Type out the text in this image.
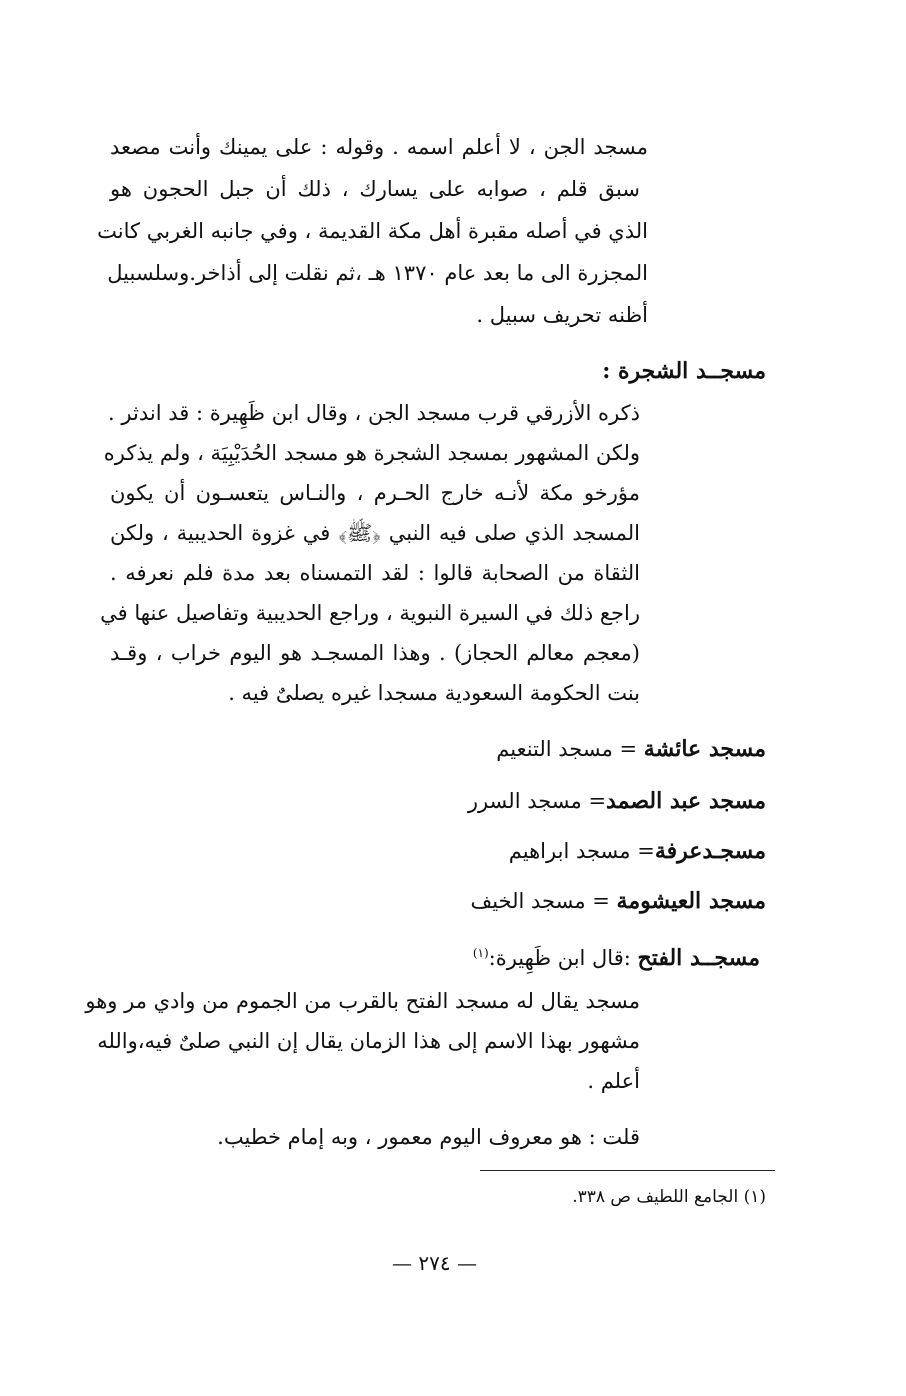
مسجد الجن ، لا أعلم اسمه . وقوله : على يمينك وأنت مصعد
سبق قلم ، صوابه على يسارك ، ذلك أن جبل الحجون هو
الذي في أصله مقبرة أهل مكة القديمة ، وفي جانبه الغربي كانت
المجزرة الى ما بعد عام ١٣٧٠ هـ ،ثم نقلت إلى أذاخر.وسلسبيل
أظنه تحريف سبيل .
مسجــد الشجرة :
ذكره الأزرقي قرب مسجد الجن ، وقال ابن ظَهِيرة : قد اندثر .
ولكن المشهور بمسجد الشجرة هو مسجد الحُدَيْبِيَة ، ولم يذكره
مؤرخو مكة لأنـه خارج الحـرم ، والنـاس يتعسـون أن يكون
المسجد الذي صلى فيه النبي ﴿ﷺ﴾ في غزوة الحديبية ، ولكن
الثقاة من الصحابة قالوا : لقد التمسناه بعد مدة فلم نعرفه .
راجع ذلك في السيرة النبوية ، وراجع الحديبية وتفاصيل عنها في
(معجم معالم الحجاز) . وهذا المسجـد هو اليوم خراب ، وقـد
بنت الحكومة السعودية مسجدا غيره يصلىٌ فيه .
مسجد عائشة = مسجد التنعيم
مسجد عبد الصمد= مسجد السرر
مسجـدعرفة= مسجد ابراهيم
مسجد العيشومة = مسجد الخيف
مسجــد الفتح :قال ابن ظَهِيرة:$^{(١)}$
مسجد يقال له مسجد الفتح بالقرب من الجموم من وادي مر وهو
مشهور بهذا الاسم إلى هذا الزمان يقال إن النبي صلىٌ فيه،والله
أعلم .
قلت : هو معروف اليوم معمور ، وبه إمام خطيب.
(١) الجامع اللطيف ص ٣٣٨.
— ٢٧٤ —
